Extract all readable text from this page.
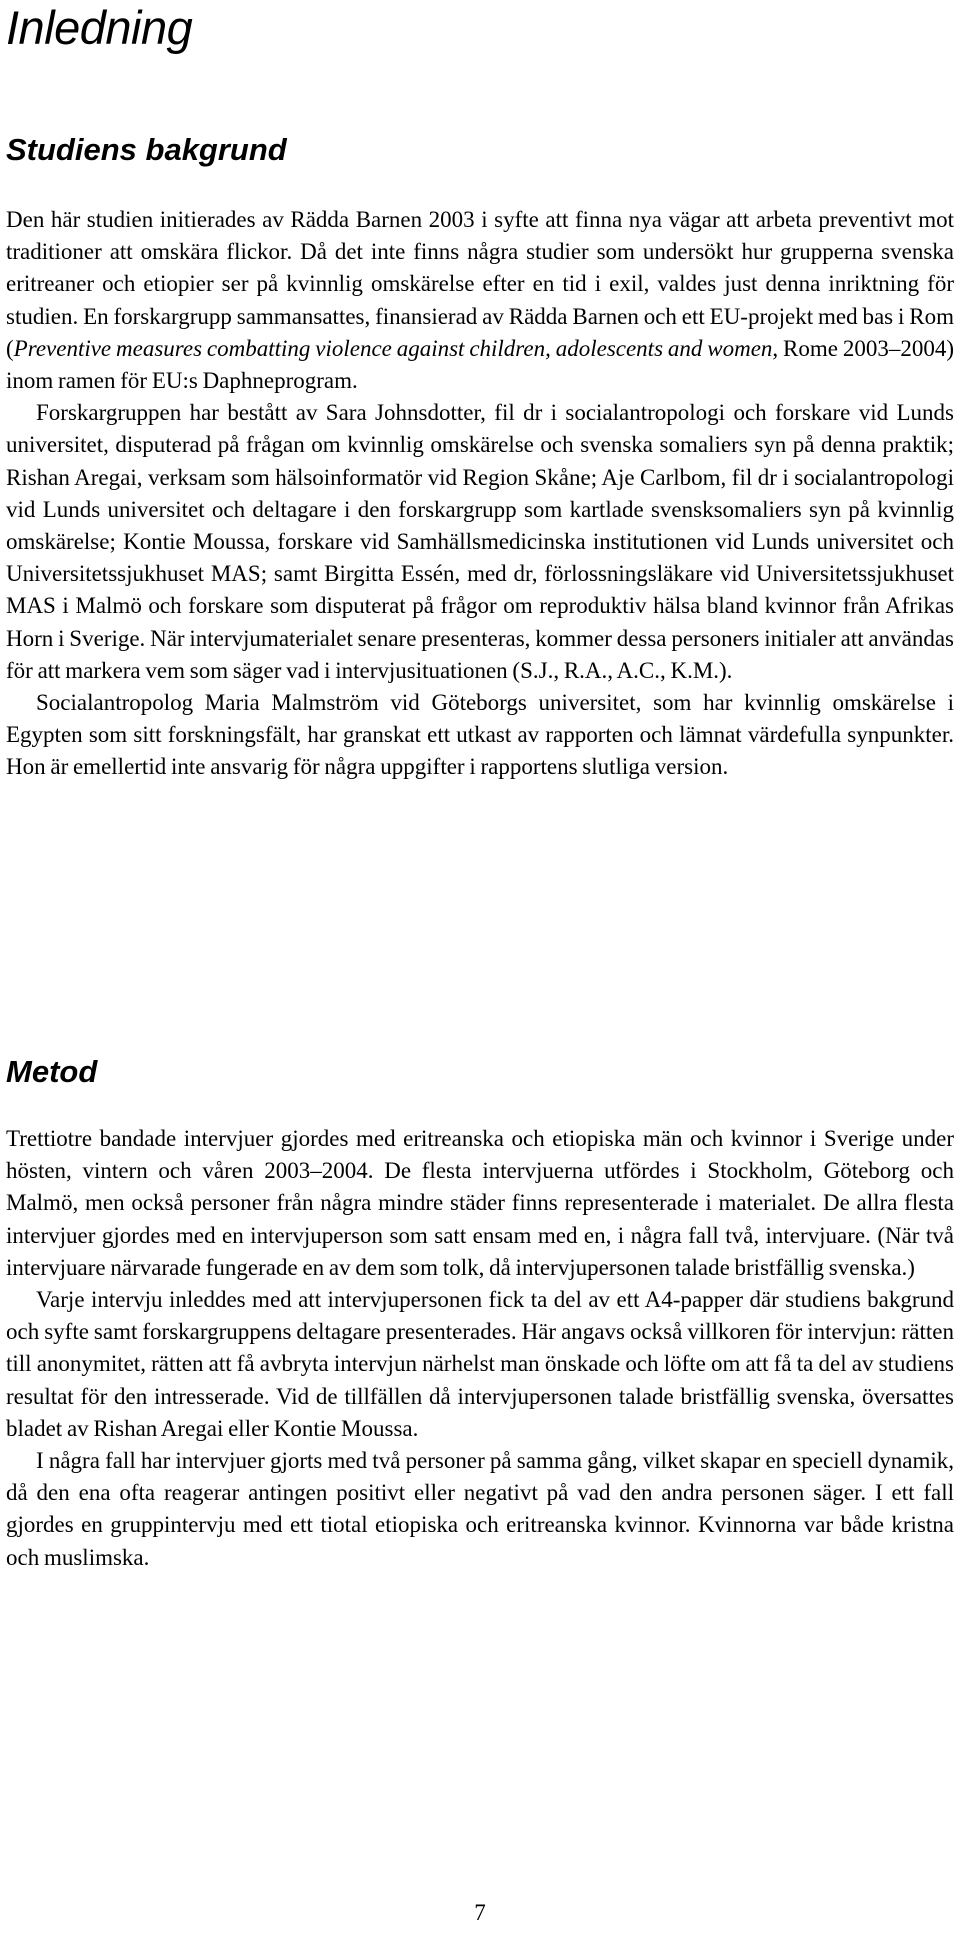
Inledning
Studiens bakgrund

Den här studien initierades av Rädda Barnen 2003 i syfte att finna nya vägar att arbeta preventivt mot traditioner att omskära flickor. Då det inte finns några studier som undersökt hur grupperna svenska eritreaner och etiopier ser på kvinnlig omskärelse efter en tid i exil, valdes just denna inriktning för studien. En forskargrupp sammansattes, finansierad av Rädda Barnen och ett EU-projekt med bas i Rom (Preventive measures combatting violence against children, adolescents and women, Rome 2003–2004) inom ramen för EU:s Daphneprogram.

Forskargruppen har bestått av Sara Johnsdotter, fil dr i socialantropologi och forskare vid Lunds universitet, disputerad på frågan om kvinnlig omskärelse och svenska somaliers syn på denna praktik; Rishan Aregai, verksam som hälsoinformatör vid Region Skåne; Aje Carlbom, fil dr i socialantropologi vid Lunds universitet och deltagare i den forskargrupp som kartlade svensksomaliers syn på kvinnlig omskärelse; Kontie Moussa, forskare vid Samhällsmedicinska institutionen vid Lunds universitet och Universitetssjukhuset MAS; samt Birgitta Essén, med dr, förlossningsläkare vid Universitetssjukhuset MAS i Malmö och forskare som disputerat på frågor om reproduktiv hälsa bland kvinnor från Afrikas Horn i Sverige. När intervjumaterialet senare presenteras, kommer dessa personers initialer att användas för att markera vem som säger vad i intervjusituationen (S.J., R.A., A.C., K.M.).

Socialantropolog Maria Malmström vid Göteborgs universitet, som har kvinnlig omskärelse i Egypten som sitt forskningsfält, har granskat ett utkast av rapporten och lämnat värdefulla synpunkter. Hon är emellertid inte ansvarig för några uppgifter i rapportens slutliga version.

Metod

Trettiotre bandade intervjuer gjordes med eritreanska och etiopiska män och kvinnor i Sverige under hösten, vintern och våren 2003–2004. De flesta intervjuerna utfördes i Stockholm, Göteborg och Malmö, men också personer från några mindre städer finns representerade i materialet. De allra flesta intervjuer gjordes med en intervjuperson som satt ensam med en, i några fall två, intervjuare. (När två intervjuare närvarade fungerade en av dem som tolk, då intervjupersonen talade bristfällig svenska.)

Varje intervju inleddes med att intervjupersonen fick ta del av ett A4-papper där studiens bakgrund och syfte samt forskargruppens deltagare presenterades. Här angavs också villkoren för intervjun: rätten till anonymitet, rätten att få avbryta intervjun närhelst man önskade och löfte om att få ta del av studiens resultat för den intresserade. Vid de tillfällen då intervjupersonen talade bristfällig svenska, översattes bladet av Rishan Aregai eller Kontie Moussa.

I några fall har intervjuer gjorts med två personer på samma gång, vilket skapar en speciell dynamik, då den ena ofta reagerar antingen positivt eller negativt på vad den andra personen säger. I ett fall gjordes en gruppintervju med ett tiotal etiopiska och eritreanska kvinnor. Kvinnorna var både kristna och muslimska.

7
